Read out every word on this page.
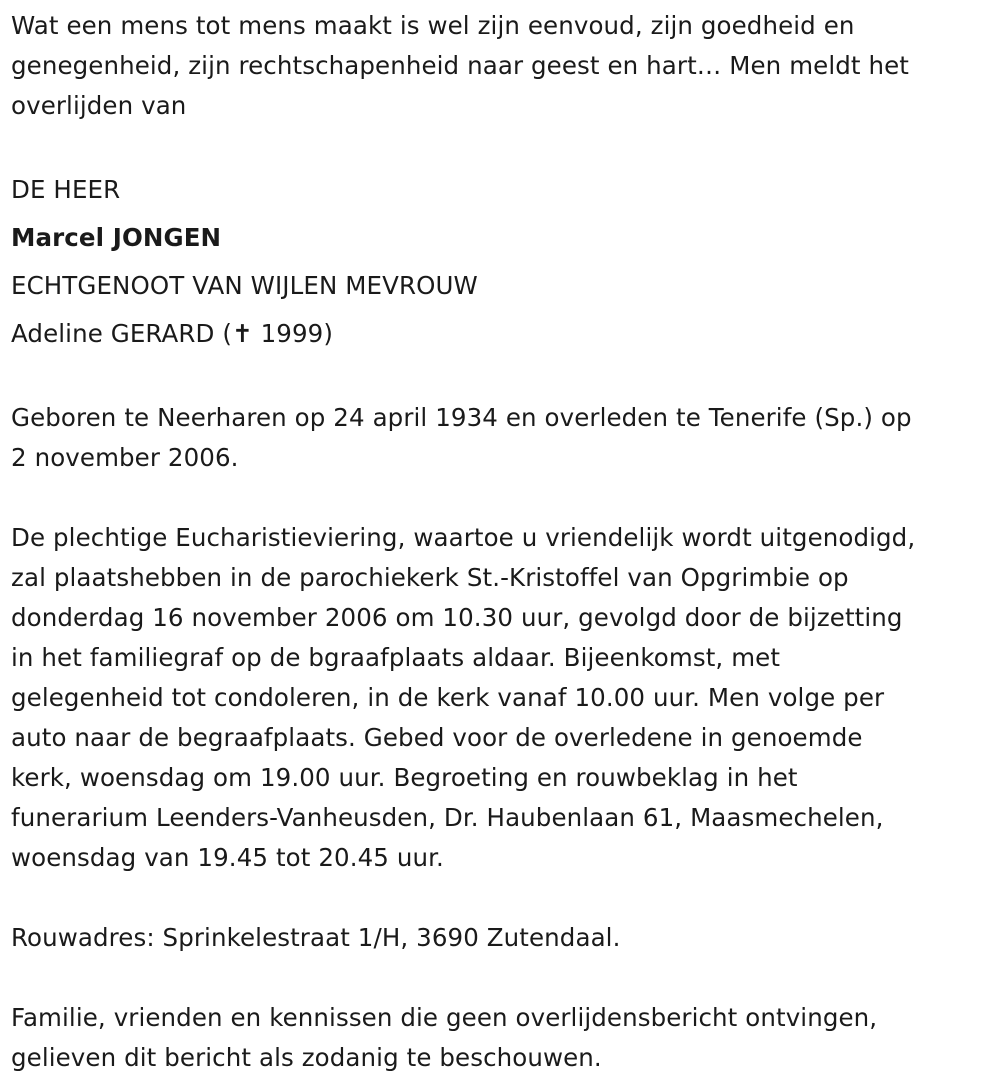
Wat een mens tot mens maakt is wel zijn eenvoud, zijn goedheid en
genegenheid, zijn rechtschapenheid naar geest en hart… Men meldt het
overlijden van

DE HEER

Marcel JONGEN

ECHTGENOOT VAN WIJLEN MEVROUW

Adeline GERARD (✝ 1999)

Geboren te Neerharen op 24 april 1934 en overleden te Tenerife (Sp.) op
2 november 2006.

De plechtige Eucharistieviering, waartoe u vriendelijk wordt uitgenodigd,
zal plaatshebben in de parochiekerk St.-Kristoffel van Opgrimbie op
donderdag 16 november 2006 om 10.30 uur, gevolgd door de bijzetting
in het familiegraf op de bgraafplaats aldaar. Bijeenkomst, met
gelegenheid tot condoleren, in de kerk vanaf 10.00 uur. Men volge per
auto naar de begraafplaats. Gebed voor de overledene in genoemde
kerk, woensdag om 19.00 uur. Begroeting en rouwbeklag in het
funerarium Leenders-Vanheusden, Dr. Haubenlaan 61, Maasmechelen,
woensdag van 19.45 tot 20.45 uur.

Rouwadres: Sprinkelestraat 1/H, 3690 Zutendaal.

Familie, vrienden en kennissen die geen overlijdensbericht ontvingen,
gelieven dit bericht als zodanig te beschouwen.
